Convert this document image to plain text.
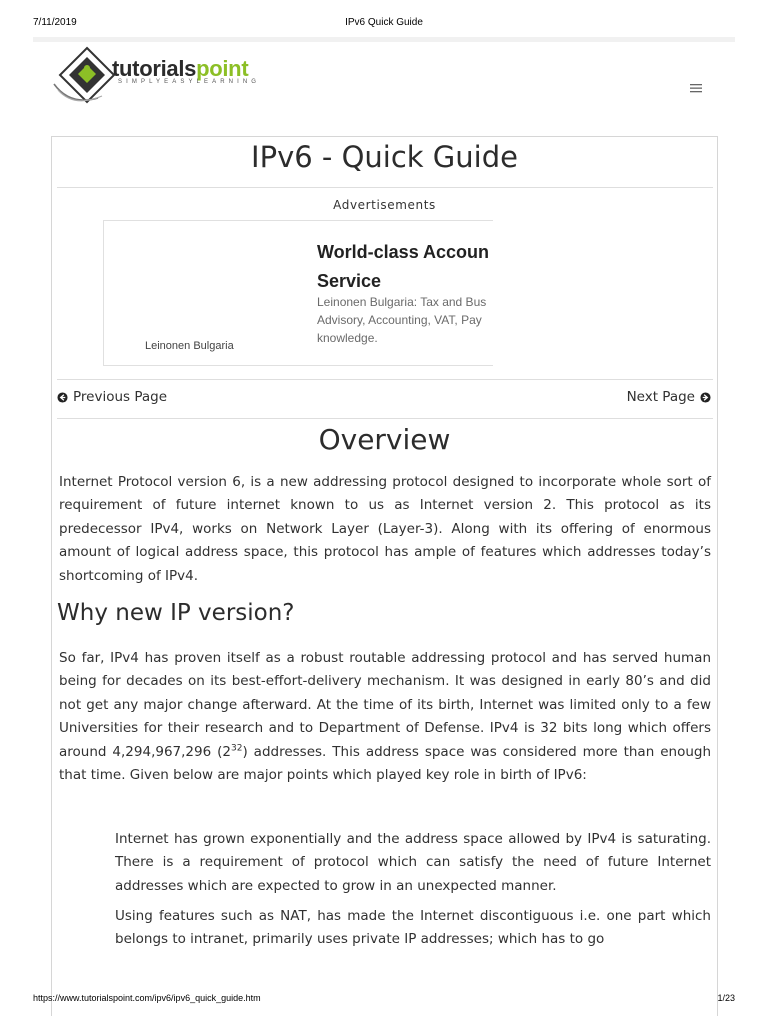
7/11/2019	IPv6 Quick Guide
tutorialspoint
SIMPLYEASYLEARNING
IPv6 - Quick Guide
Advertisements
Leinonen Bulgaria
World-class Accoun
Service
Leinonen Bulgaria: Tax and Bus
Advisory, Accounting, VAT, Pay
knowledge.
Previous Page	Next Page
Overview
Internet Protocol version 6, is a new addressing protocol designed to incorporate whole sort of requirement of future internet known to us as Internet version 2. This protocol as its predecessor IPv4, works on Network Layer (Layer-3). Along with its offering of enormous amount of logical address space, this protocol has ample of features which addresses today’s shortcoming of IPv4.
Why new IP version?
So far, IPv4 has proven itself as a robust routable addressing protocol and has served human being for decades on its best-effort-delivery mechanism. It was designed in early 80’s and did not get any major change afterward. At the time of its birth, Internet was limited only to a few Universities for their research and to Department of Defense. IPv4 is 32 bits long which offers around 4,294,967,296 $(2^{32})$ addresses. This address space was considered more than enough that time. Given below are major points which played key role in birth of IPv6:
Internet has grown exponentially and the address space allowed by IPv4 is saturating. There is a requirement of protocol which can satisfy the need of future Internet addresses which are expected to grow in an unexpected manner.
Using features such as NAT, has made the Internet discontiguous i.e. one part which belongs to intranet, primarily uses private IP addresses; which has to go
https://www.tutorialspoint.com/ipv6/ipv6_quick_guide.htm	1/23
